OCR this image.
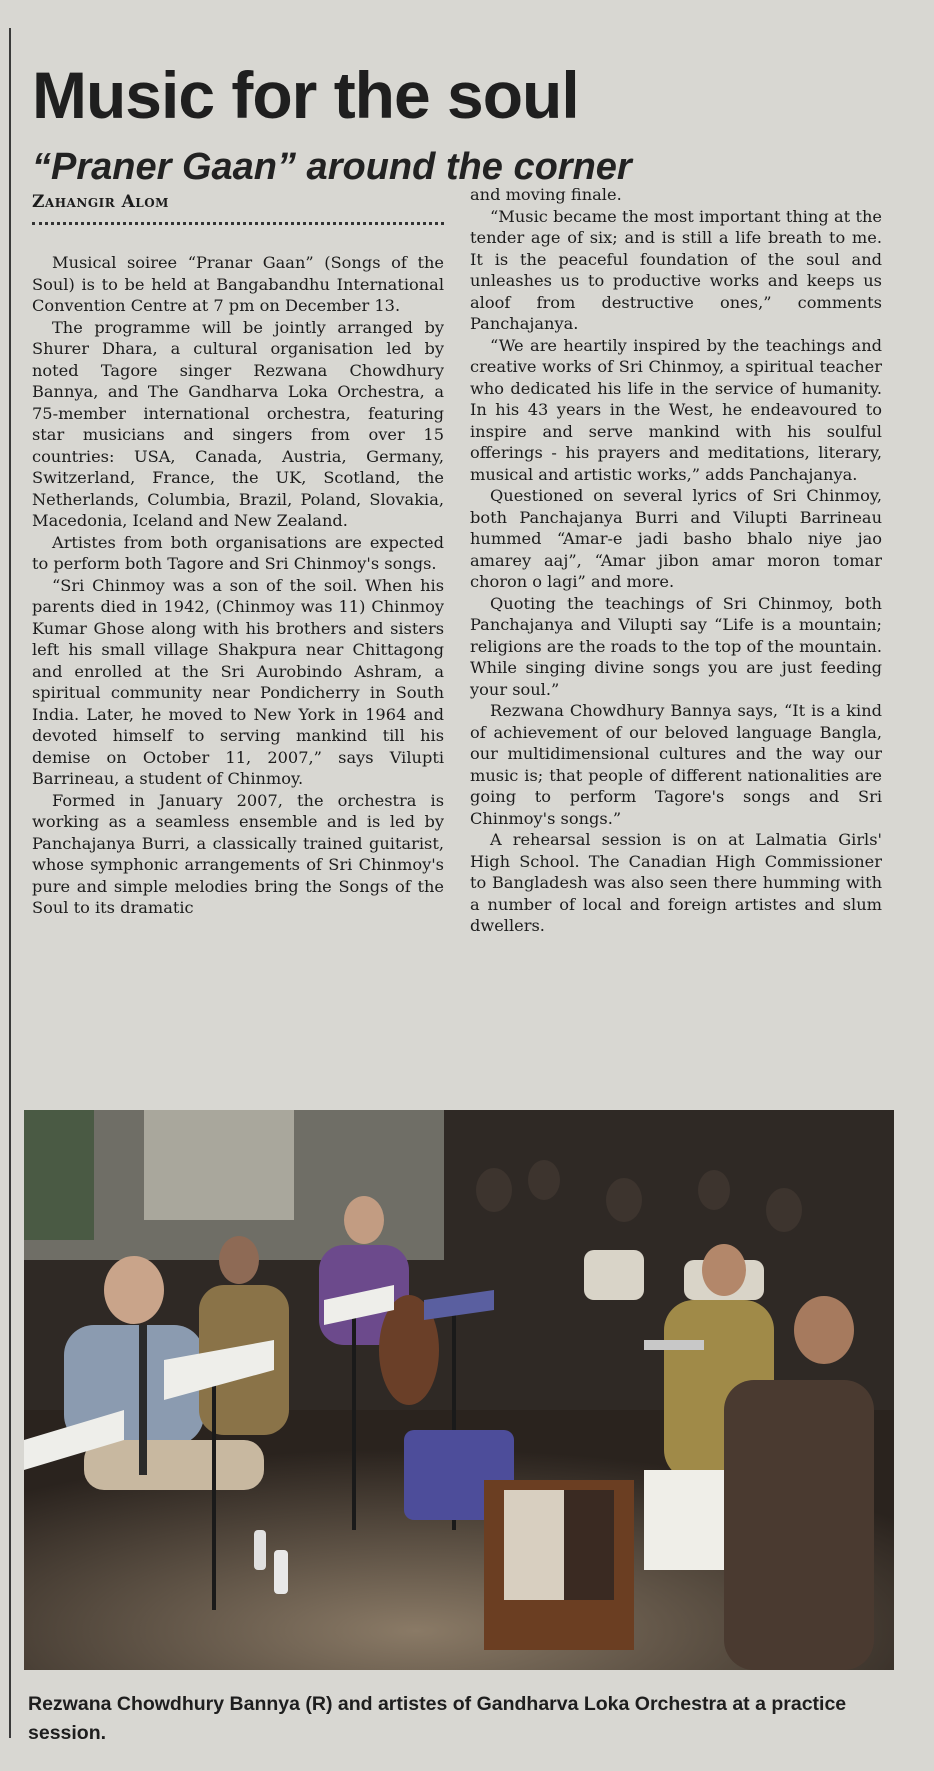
Music for the soul
“Praner Gaan” around the corner
Zahangir Alom

Musical soiree “Pranar Gaan” (Songs of the Soul) is to be held at Bangabandhu International Convention Centre at 7 pm on December 13.

The programme will be jointly arranged by Shurer Dhara, a cultural organisation led by noted Tagore singer Rezwana Chowdhury Bannya, and The Gandharva Loka Orchestra, a 75-member international orchestra, featuring star musicians and singers from over 15 countries: USA, Canada, Austria, Germany, Switzerland, France, the UK, Scotland, the Netherlands, Columbia, Brazil, Poland, Slovakia, Macedonia, Iceland and New Zealand.

Artistes from both organisations are expected to perform both Tagore and Sri Chinmoy's songs.

“Sri Chinmoy was a son of the soil. When his parents died in 1942, (Chinmoy was 11) Chinmoy Kumar Ghose along with his brothers and sisters left his small village Shakpura near Chittagong and enrolled at the Sri Aurobindo Ashram, a spiritual community near Pondicherry in South India. Later, he moved to New York in 1964 and devoted himself to serving mankind till his demise on October 11, 2007,” says Vilupti Barrineau, a student of Chinmoy.

Formed in January 2007, the orchestra is working as a seamless ensemble and is led by Panchajanya Burri, a classically trained guitarist, whose symphonic arrangements of Sri Chinmoy's pure and simple melodies bring the Songs of the Soul to its dramatic

and moving finale.

“Music became the most important thing at the tender age of six; and is still a life breath to me. It is the peaceful foundation of the soul and unleashes us to productive works and keeps us aloof from destructive ones,” comments Panchajanya.

“We are heartily inspired by the teachings and creative works of Sri Chinmoy, a spiritual teacher who dedicated his life in the service of humanity. In his 43 years in the West, he endeavoured to inspire and serve mankind with his soulful offerings - his prayers and meditations, literary, musical and artistic works,” adds Panchajanya.

Questioned on several lyrics of Sri Chinmoy, both Panchajanya Burri and Vilupti Barrineau hummed “Amar-e jadi basho bhalo niye jao amarey aaj”, “Amar jibon amar moron tomar choron o lagi” and more.

Quoting the teachings of Sri Chinmoy, both Panchajanya and Vilupti say “Life is a mountain; religions are the roads to the top of the mountain. While singing divine songs you are just feeding your soul.”

Rezwana Chowdhury Bannya says, “It is a kind of achievement of our beloved language Bangla, our multidimensional cultures and the way our music is; that people of different nationalities are going to perform Tagore's songs and Sri Chinmoy's songs.”

A rehearsal session is on at Lalmatia Girls' High School. The Canadian High Commissioner to Bangladesh was also seen there humming with a number of local and foreign artistes and slum dwellers.

Rezwana Chowdhury Bannya (R) and artistes of Gandharva Loka Orchestra at a practice session.
